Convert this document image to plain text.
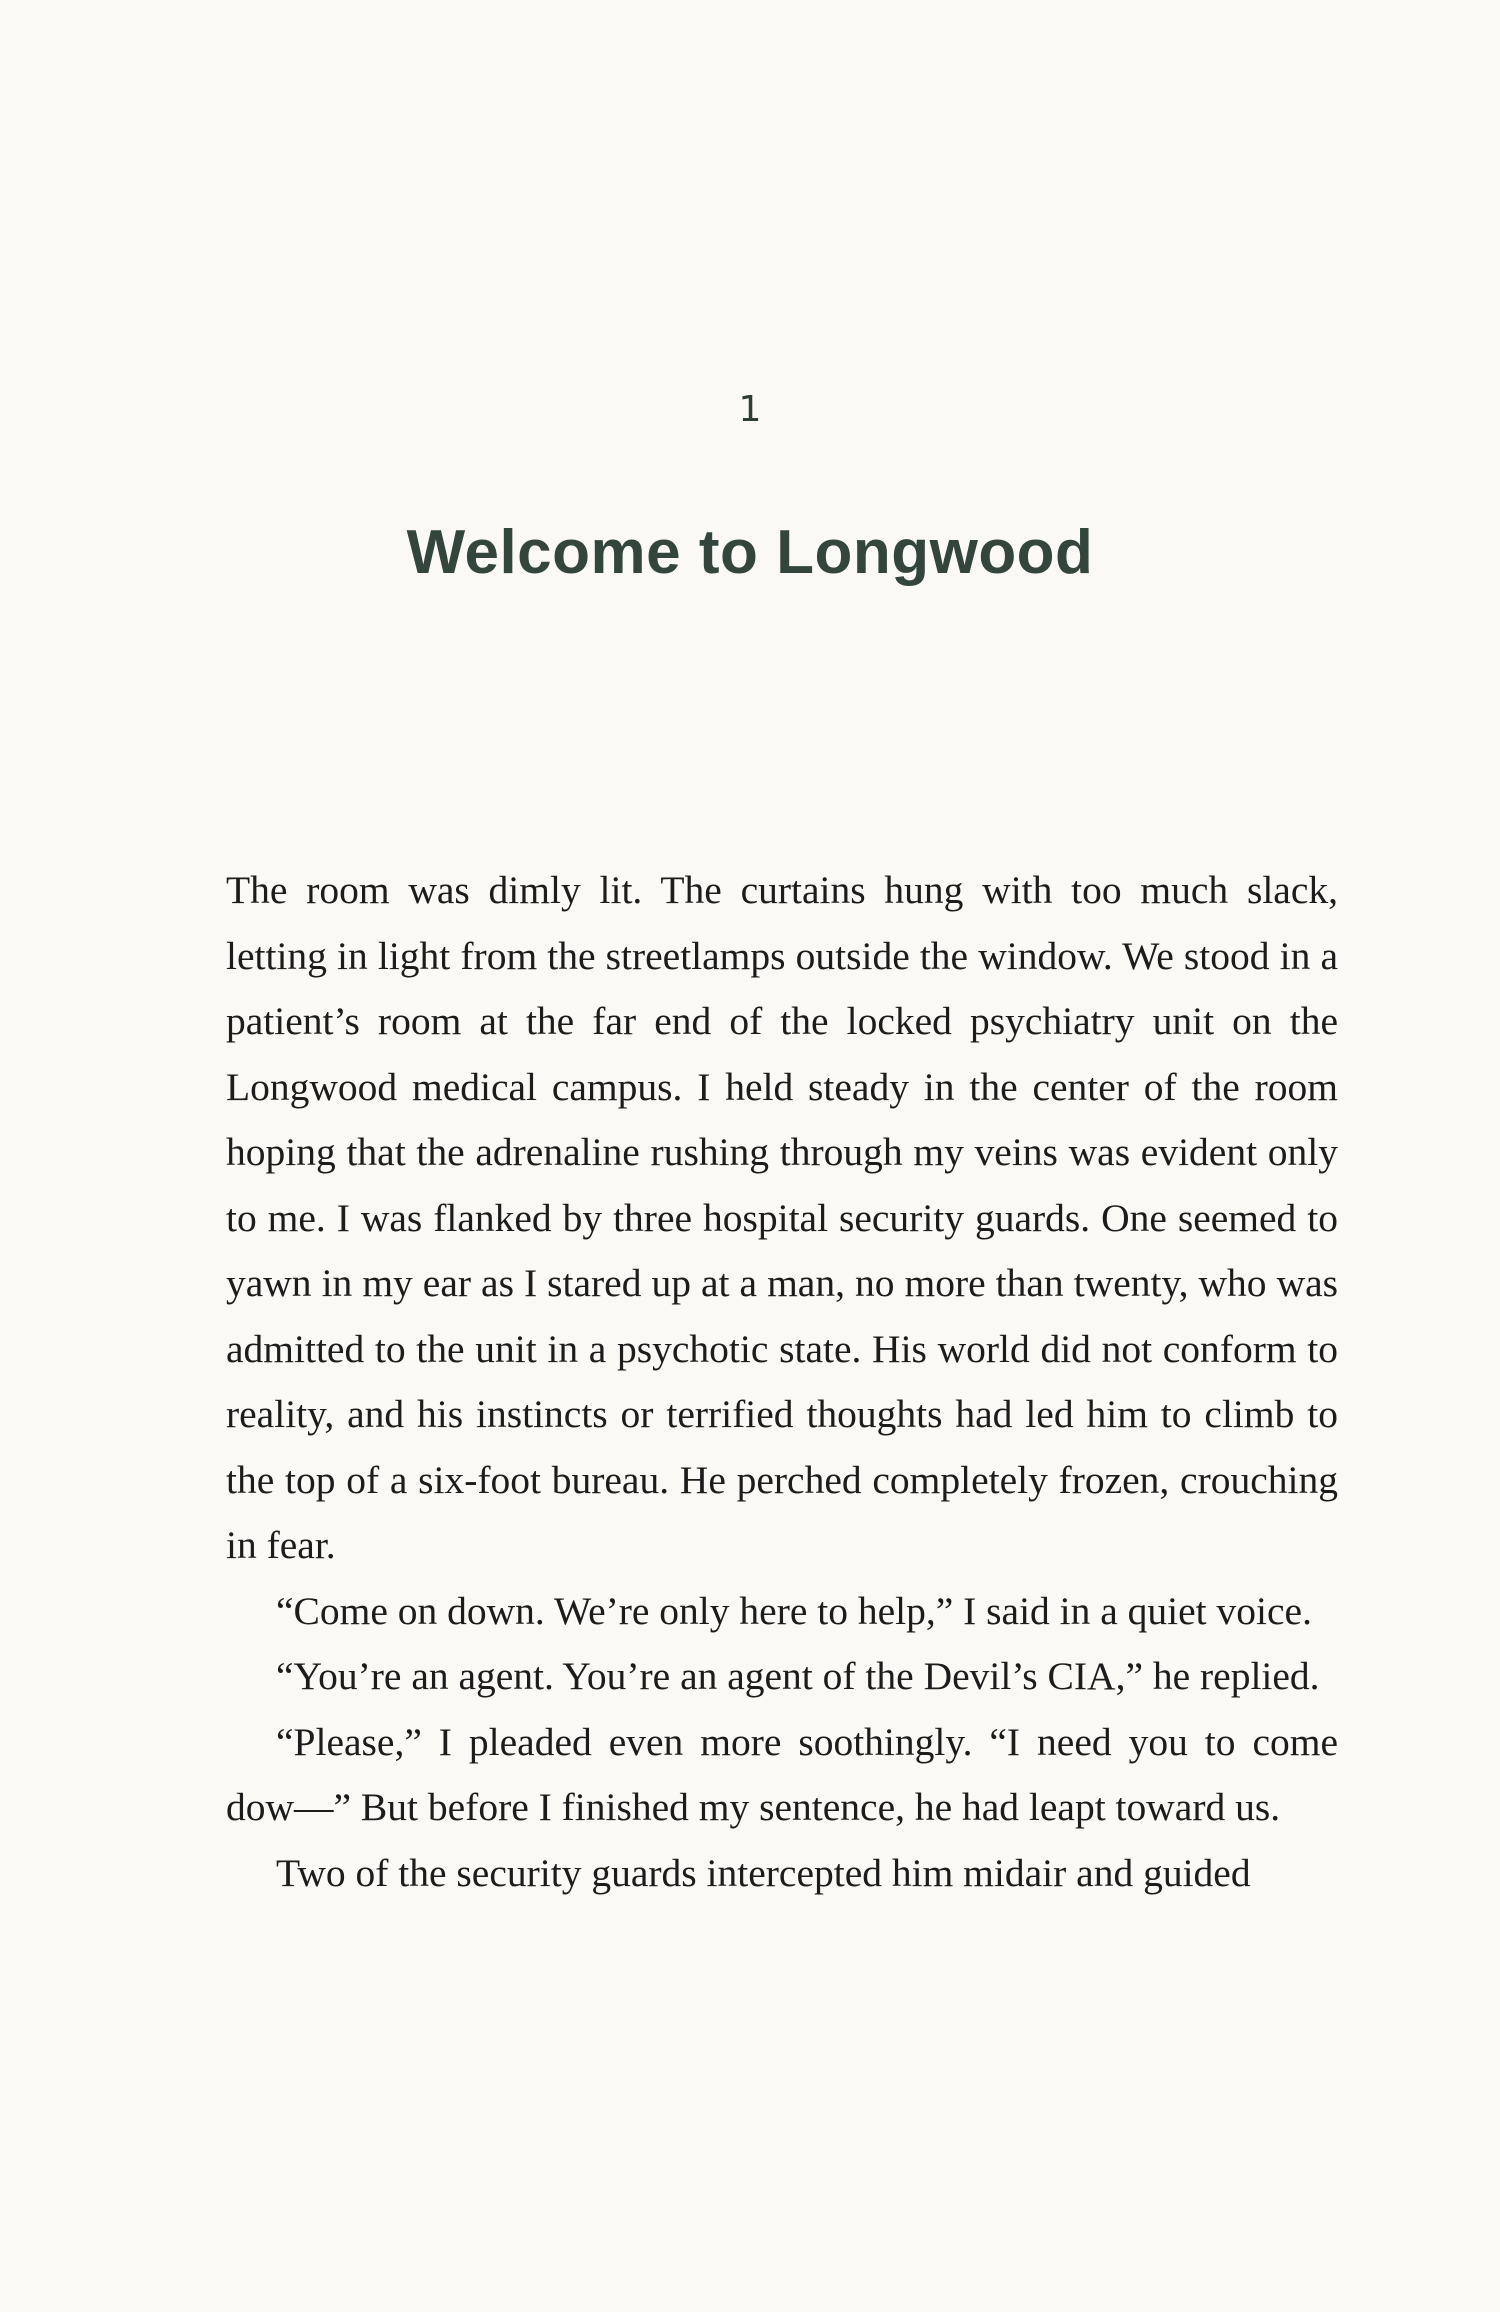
1
Welcome to Longwood

The room was dimly lit. The curtains hung with too much slack, letting in light from the streetlamps outside the window. We stood in a patient’s room at the far end of the locked psychiatry unit on the Longwood medical campus. I held steady in the center of the room hoping that the adrenaline rushing through my veins was evident only to me. I was flanked by three hospital security guards. One seemed to yawn in my ear as I stared up at a man, no more than twenty, who was admitted to the unit in a psychotic state. His world did not conform to reality, and his instincts or terrified thoughts had led him to climb to the top of a six-foot bureau. He perched completely frozen, crouching in fear.

“Come on down. We’re only here to help,” I said in a quiet voice.

“You’re an agent. You’re an agent of the Devil’s CIA,” he replied.

“Please,” I pleaded even more soothingly. “I need you to come dow—” But before I finished my sentence, he had leapt toward us.

Two of the security guards intercepted him midair and guided
